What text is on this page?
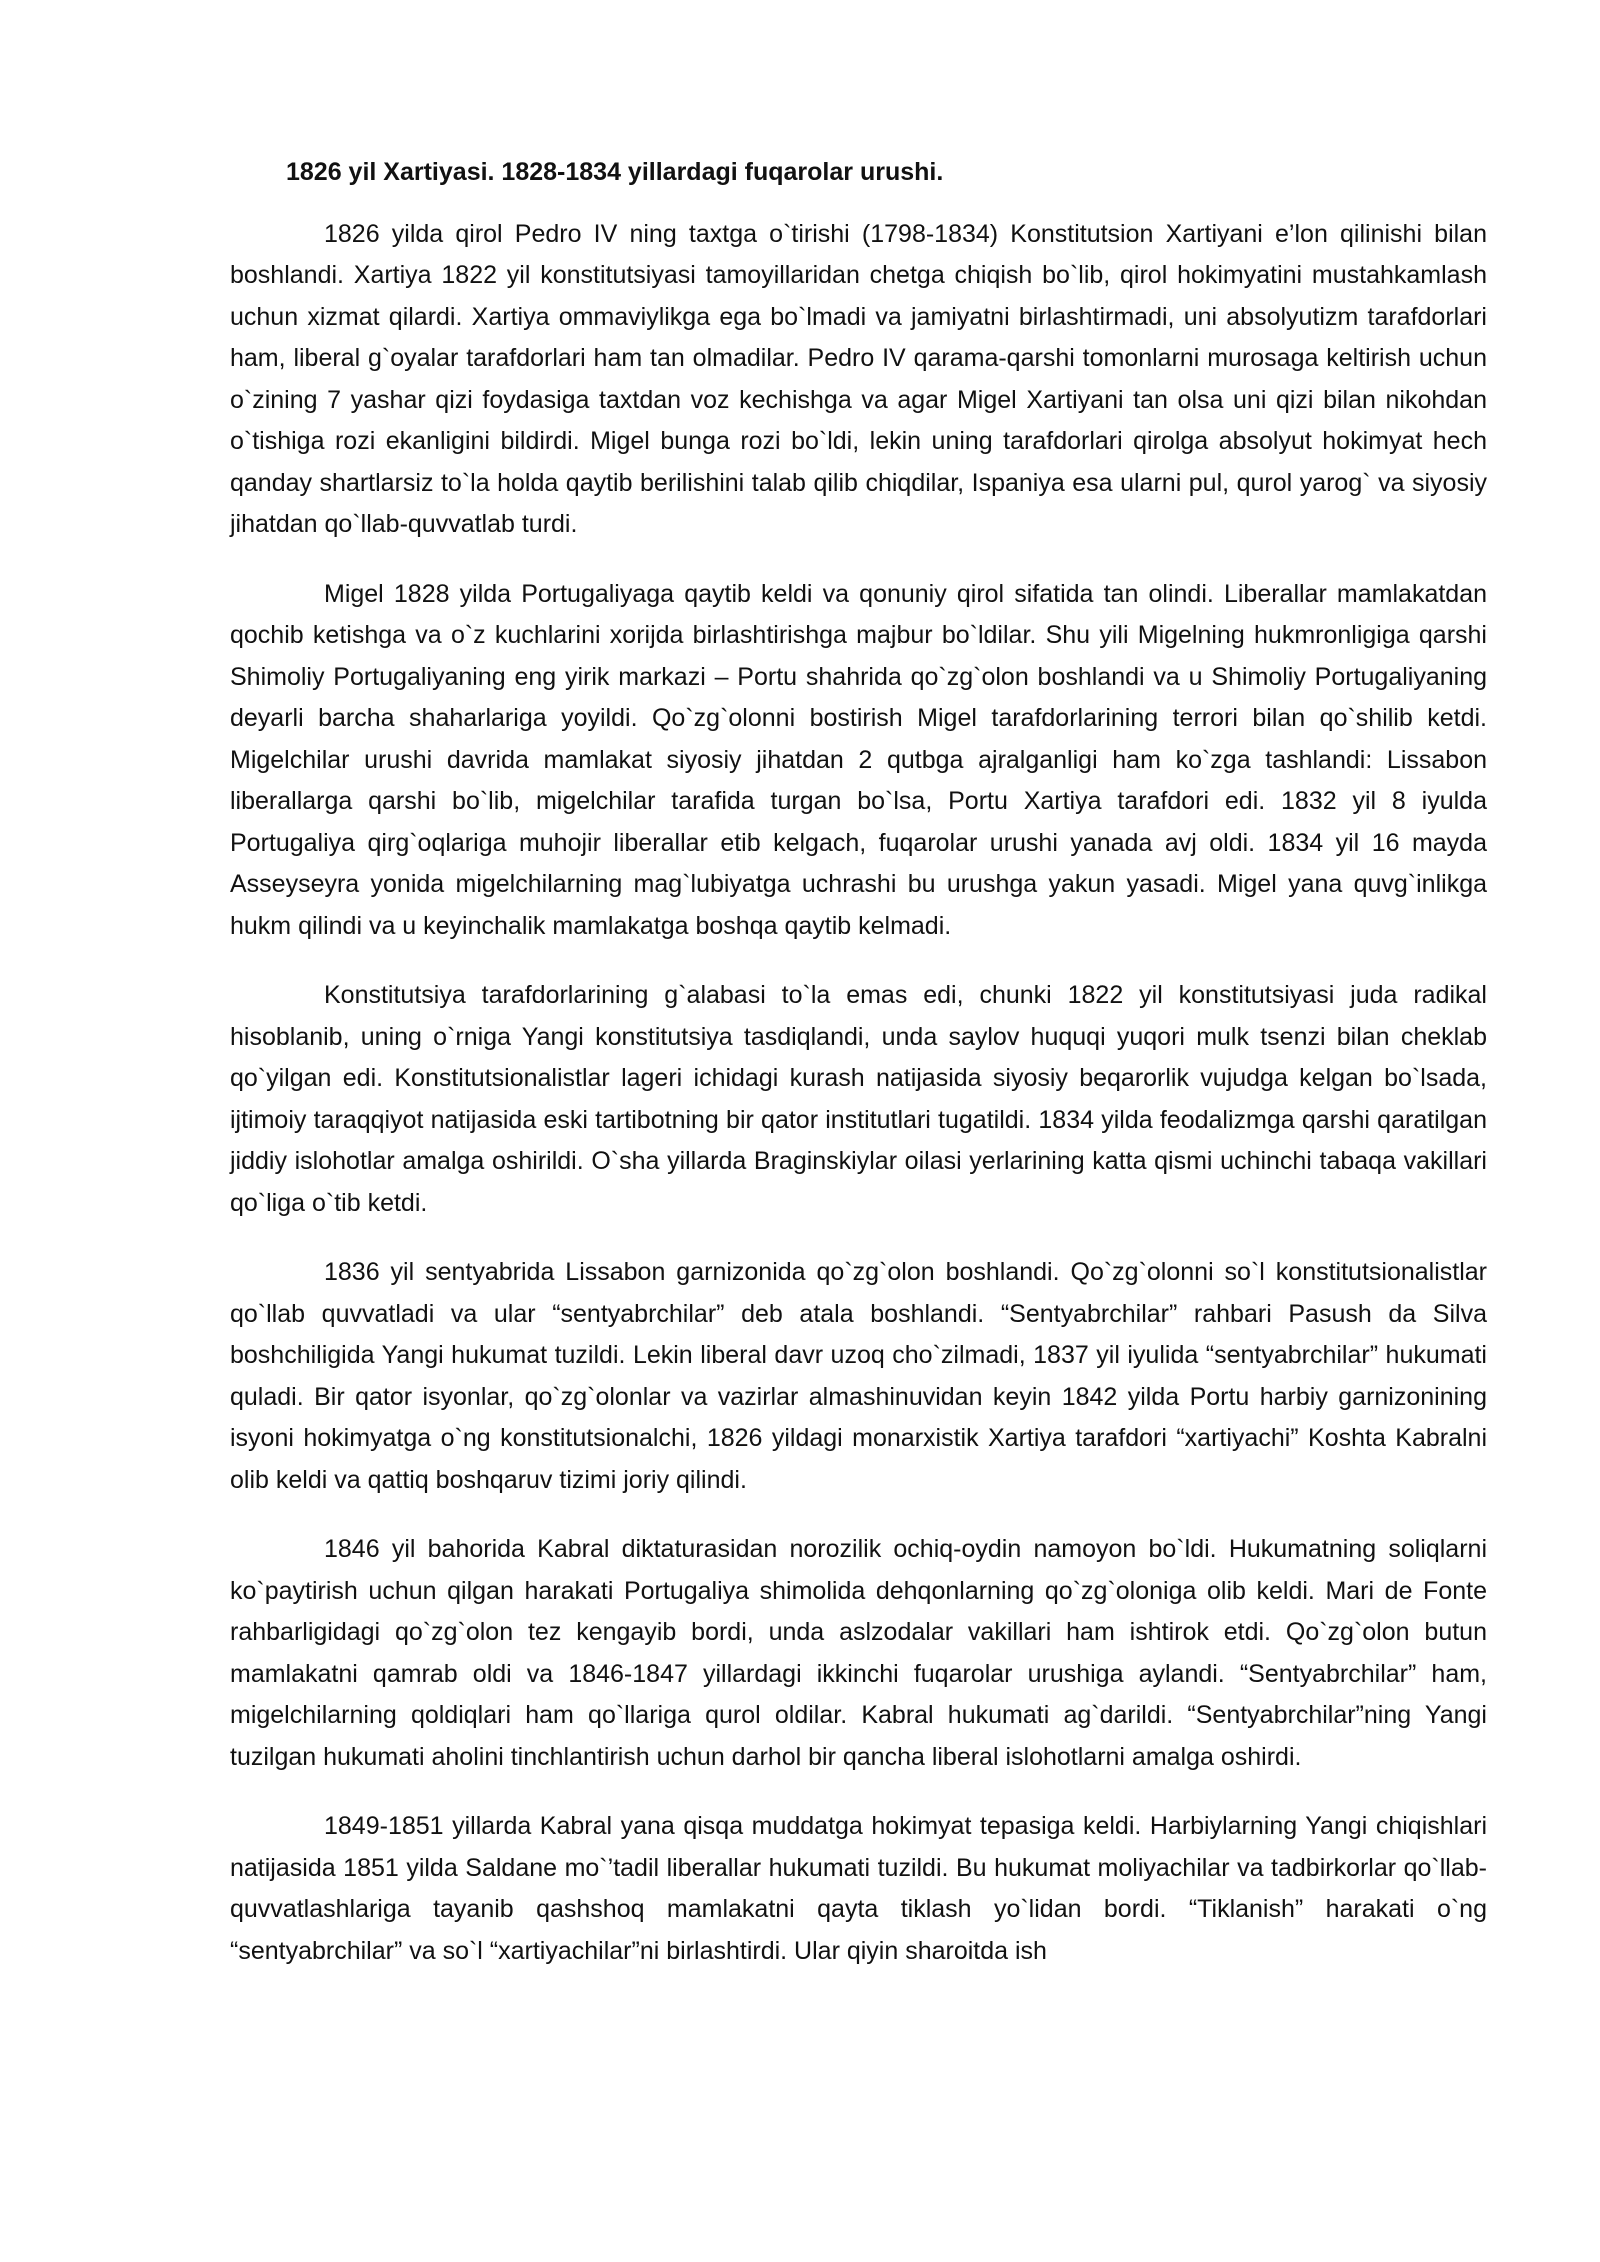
1826 yil Xartiyasi. 1828-1834 yillardagi fuqarolar urushi.

1826 yilda qirol Pedro IV ning taxtga o`tirishi (1798-1834) Konstitutsion Xartiyani e’lon qilinishi bilan boshlandi. Xartiya 1822 yil konstitutsiyasi tamoyillaridan chetga chiqish bo`lib, qirol hokimyatini mustahkamlash uchun xizmat qilardi. Xartiya ommaviylikga ega bo`lmadi va jamiyatni birlashtirmadi, uni absolyutizm tarafdorlari ham, liberal g`oyalar tarafdorlari ham tan olmadilar. Pedro IV qarama-qarshi tomonlarni murosaga keltirish uchun o`zining 7 yashar qizi foydasiga taxtdan voz kechishga va agar Migel Xartiyani tan olsa uni qizi bilan nikohdan o`tishiga rozi ekanligini bildirdi. Migel bunga rozi bo`ldi, lekin uning tarafdorlari qirolga absolyut hokimyat hech qanday shartlarsiz to`la holda qaytib berilishini talab qilib chiqdilar, Ispaniya esa ularni pul, qurol yarog` va siyosiy jihatdan qo`llab-quvvatlab turdi.

Migel 1828 yilda Portugaliyaga qaytib keldi va qonuniy qirol sifatida tan olindi. Liberallar mamlakatdan qochib ketishga va o`z kuchlarini xorijda birlashtirishga majbur bo`ldilar. Shu yili Migelning hukmronligiga qarshi Shimoliy Portugaliyaning eng yirik markazi – Portu shahrida qo`zg`olon boshlandi va u Shimoliy Portugaliyaning deyarli barcha shaharlariga yoyildi. Qo`zg`olonni bostirish Migel tarafdorlarining terrori bilan qo`shilib ketdi. Migelchilar urushi davrida mamlakat siyosiy jihatdan 2 qutbga ajralganligi ham ko`zga tashlandi: Lissabon liberallarga qarshi bo`lib, migelchilar tarafida turgan bo`lsa, Portu Xartiya tarafdori edi. 1832 yil 8 iyulda Portugaliya qirg`oqlariga muhojir liberallar etib kelgach, fuqarolar urushi yanada avj oldi. 1834 yil 16 mayda Asseyseyra yonida migelchilarning mag`lubiyatga uchrashi bu urushga yakun yasadi. Migel yana quvg`inlikga hukm qilindi va u keyinchalik mamlakatga boshqa qaytib kelmadi.

Konstitutsiya tarafdorlarining g`alabasi to`la emas edi, chunki 1822 yil konstitutsiyasi juda radikal hisoblanib, uning o`rniga Yangi konstitutsiya tasdiqlandi, unda saylov huquqi yuqori mulk tsenzi bilan cheklab qo`yilgan edi. Konstitutsionalistlar lageri ichidagi kurash natijasida siyosiy beqarorlik vujudga kelgan bo`lsada, ijtimoiy taraqqiyot natijasida eski tartibotning bir qator institutlari tugatildi. 1834 yilda feodalizmga qarshi qaratilgan jiddiy islohotlar amalga oshirildi. O`sha yillarda Braginskiylar oilasi yerlarining katta qismi uchinchi tabaqa vakillari qo`liga o`tib ketdi.

1836 yil sentyabrida Lissabon garnizonida qo`zg`olon boshlandi. Qo`zg`olonni so`l konstitutsionalistlar qo`llab quvvatladi va ular “sentyabrchilar” deb atala boshlandi. “Sentyabrchilar” rahbari Pasush da Silva boshchiligida Yangi hukumat tuzildi. Lekin liberal davr uzoq cho`zilmadi, 1837 yil iyulida “sentyabrchilar” hukumati quladi. Bir qator isyonlar, qo`zg`olonlar va vazirlar almashinuvidan keyin 1842 yilda Portu harbiy garnizonining isyoni hokimyatga o`ng konstitutsionalchi, 1826 yildagi monarxistik Xartiya tarafdori “xartiyachi” Koshta Kabralni olib keldi va qattiq boshqaruv tizimi joriy qilindi.

1846 yil bahorida Kabral diktaturasidan norozilik ochiq-oydin namoyon bo`ldi. Hukumatning soliqlarni ko`paytirish uchun qilgan harakati Portugaliya shimolida dehqonlarning qo`zg`oloniga olib keldi. Mari de Fonte rahbarligidagi qo`zg`olon tez kengayib bordi, unda aslzodalar vakillari ham ishtirok etdi. Qo`zg`olon butun mamlakatni qamrab oldi va 1846-1847 yillardagi ikkinchi fuqarolar urushiga aylandi. “Sentyabrchilar” ham, migelchilarning qoldiqlari ham qo`llariga qurol oldilar. Kabral hukumati ag`darildi. “Sentyabrchilar”ning Yangi tuzilgan hukumati aholini tinchlantirish uchun darhol bir qancha liberal islohotlarni amalga oshirdi.

1849-1851 yillarda Kabral yana qisqa muddatga hokimyat tepasiga keldi. Harbiylarning Yangi chiqishlari natijasida 1851 yilda Saldane mo`’tadil liberallar hukumati tuzildi. Bu hukumat moliyachilar va tadbirkorlar qo`llab-quvvatlashlariga tayanib qashshoq mamlakatni qayta tiklash yo`lidan bordi. “Tiklanish” harakati o`ng “sentyabrchilar” va so`l “xartiyachilar”ni birlashtirdi. Ular qiyin sharoitda ish
